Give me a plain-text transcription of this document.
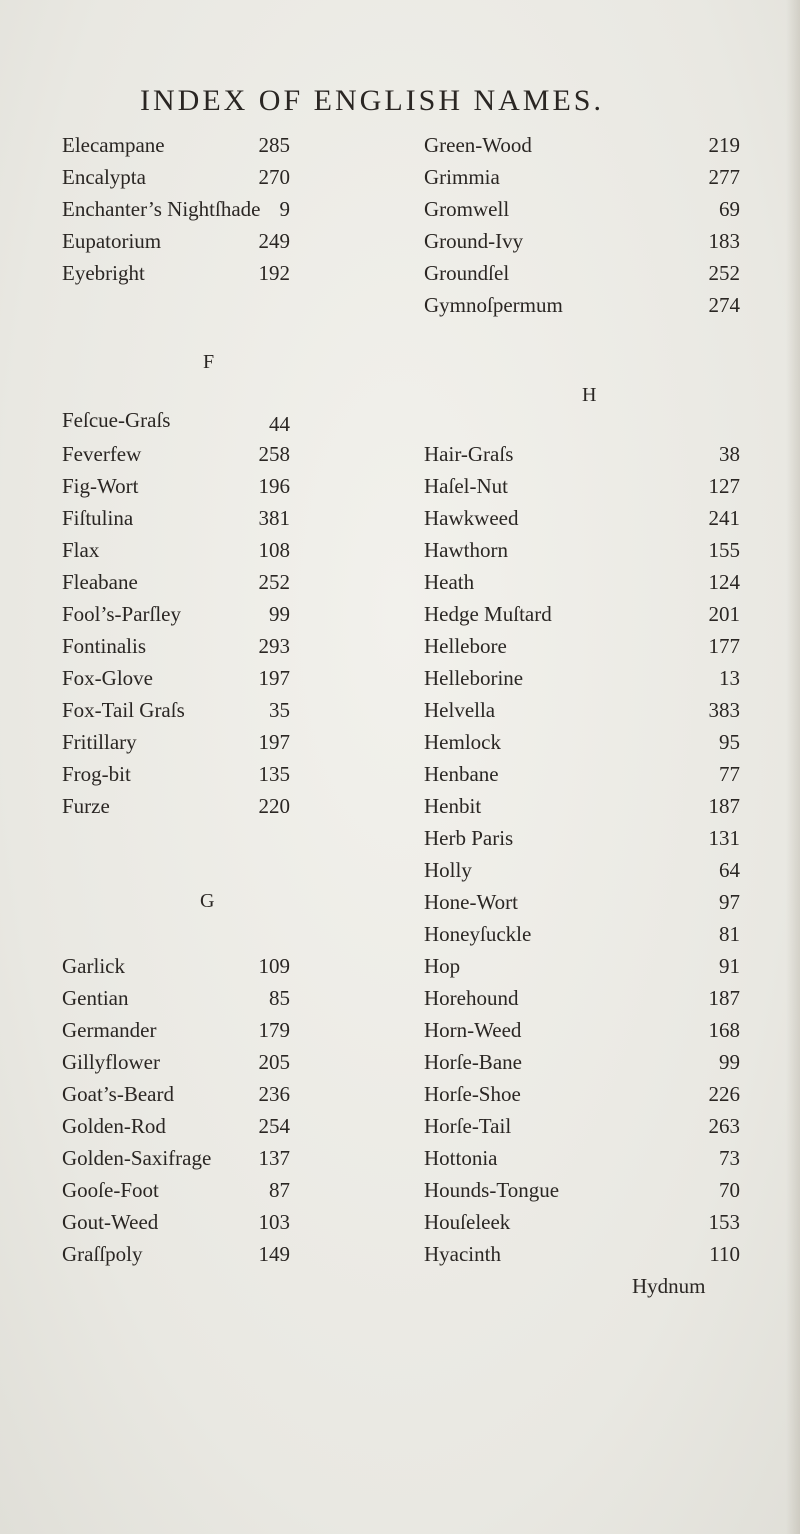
INDEX OF ENGLISH NAMES.
Elecampane	285
Encalypta	270
Enchanter’s Nightſhade 9
Eupatorium	249
Eyebright	192
F
Feſcue-Graſs	44
Feverfew	258
Fig-Wort	196
Fiſtulina	381
Flax	108
Fleabane	252
Fool’s-Parſley	99
Fontinalis	293
Fox-Glove	197
Fox-Tail Graſs	35
Fritillary	197
Frog-bit	135
Furze	220
G
Garlick	109
Gentian	85
Germander	179
Gillyflower	205
Goat’s-Beard	236
Golden-Rod	254
Golden-Saxifrage	137
Gooſe-Foot	87
Gout-Weed	103
Graſſpoly	149
Green-Wood	219
Grimmia	277
Gromwell	69
Ground-Ivy	183
Groundſel	252
Gymnoſpermum	274
H
Hair-Graſs	38
Haſel-Nut	127
Hawkweed	241
Hawthorn	155
Heath	124
Hedge Muſtard	201
Hellebore	177
Helleborine	13
Helvella	383
Hemlock	95
Henbane	77
Henbit	187
Herb Paris	131
Holly	64
Hone-Wort	97
Honeyſuckle	81
Hop	91
Horehound	187
Horn-Weed	168
Horſe-Bane	99
Horſe-Shoe	226
Horſe-Tail	263
Hottonia	73
Hounds-Tongue	70
Houſeleek	153
Hyacinth	110
Hydnum
